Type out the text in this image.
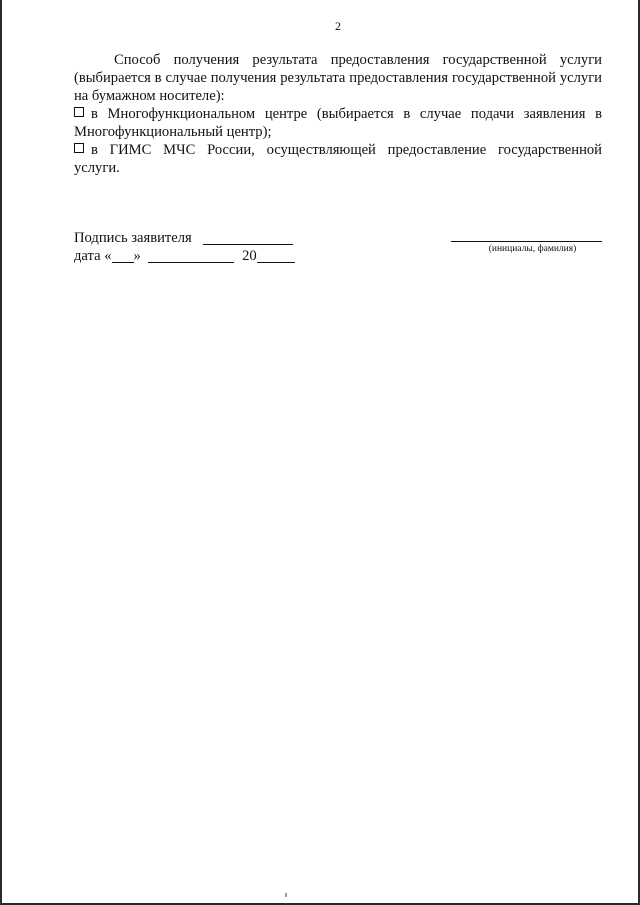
2

Способ получения результата предоставления государственной услуги (выбирается в случае получения результата предоставления государственной услуги на бумажном носителе):

в Многофункциональном центре (выбирается в случае подачи заявления в Многофункциональный центр);

в ГИМС МЧС России, осуществляющей предоставление государственной услуги.

Подпись заявителя
дата « »	20	(инициалы, фамилия)
